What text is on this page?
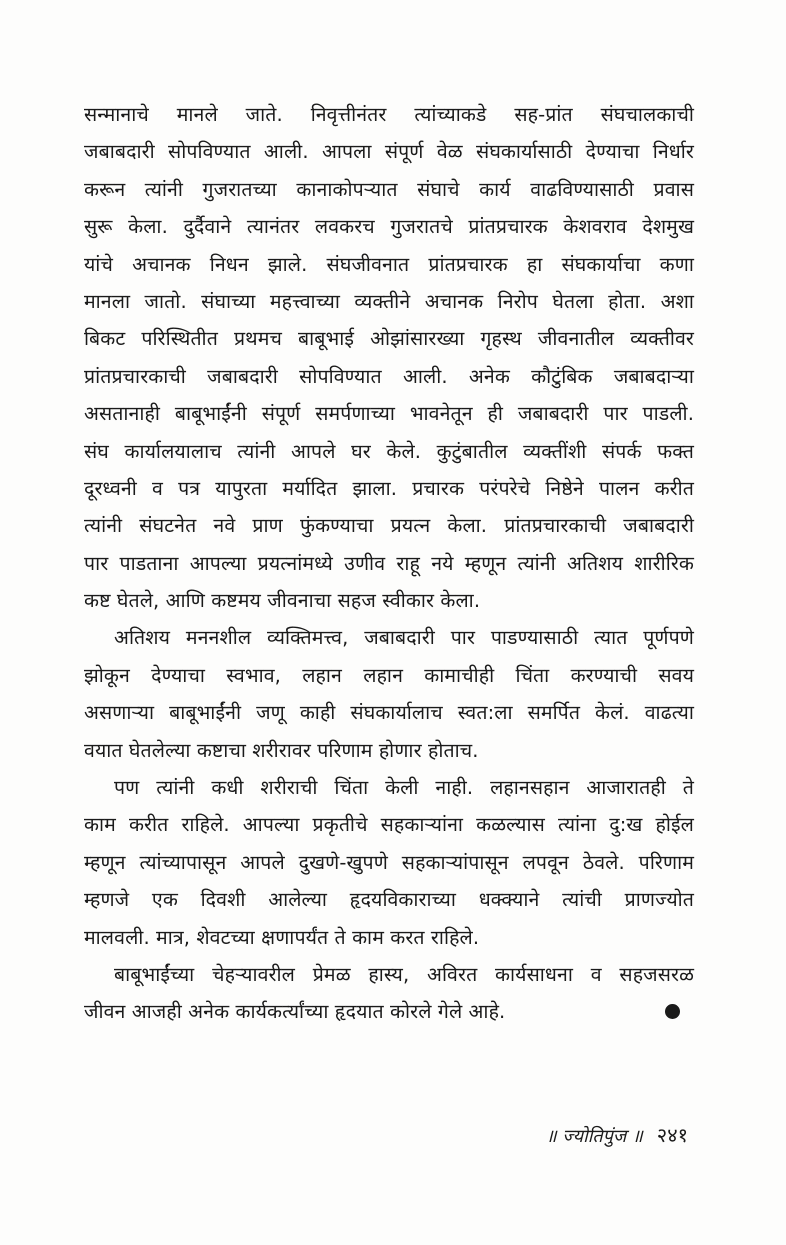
सन्मानाचे मानले जाते. निवृत्तीनंतर त्यांच्याकडे सह-प्रांत संघचालकाची
जबाबदारी सोपविण्यात आली. आपला संपूर्ण वेळ संघकार्यासाठी देण्याचा निर्धार
करून त्यांनी गुजरातच्या कानाकोपऱ्यात संघाचे कार्य वाढविण्यासाठी प्रवास
सुरू केला. दुर्दैवाने त्यानंतर लवकरच गुजरातचे प्रांतप्रचारक केशवराव देशमुख
यांचे अचानक निधन झाले. संघजीवनात प्रांतप्रचारक हा संघकार्याचा कणा
मानला जातो. संघाच्या महत्त्वाच्या व्यक्तीने अचानक निरोप घेतला होता. अशा
बिकट परिस्थितीत प्रथमच बाबूभाई ओझांसारख्या गृहस्थ जीवनातील व्यक्तीवर
प्रांतप्रचारकाची जबाबदारी सोपविण्यात आली. अनेक कौटुंबिक जबाबदाऱ्या
असतानाही बाबूभाईंनी संपूर्ण समर्पणाच्या भावनेतून ही जबाबदारी पार पाडली.
संघ कार्यालयालाच त्यांनी आपले घर केले. कुटुंबातील व्यक्तींशी संपर्क फक्त
दूरध्वनी व पत्र यापुरता मर्यादित झाला. प्रचारक परंपरेचे निष्ठेने पालन करीत
त्यांनी संघटनेत नवे प्राण फुंकण्याचा प्रयत्न केला. प्रांतप्रचारकाची जबाबदारी
पार पाडताना आपल्या प्रयत्नांमध्ये उणीव राहू नये म्हणून त्यांनी अतिशय शारीरिक
कष्ट घेतले, आणि कष्टमय जीवनाचा सहज स्वीकार केला.
अतिशय मननशील व्यक्तिमत्त्व, जबाबदारी पार पाडण्यासाठी त्यात पूर्णपणे
झोकून देण्याचा स्वभाव, लहान लहान कामाचीही चिंता करण्याची सवय
असणाऱ्या बाबूभाईंनी जणू काही संघकार्यालाच स्वत:ला समर्पित केलं. वाढत्या
वयात घेतलेल्या कष्टाचा शरीरावर परिणाम होणार होताच.
पण त्यांनी कधी शरीराची चिंता केली नाही. लहानसहान आजारातही ते
काम करीत राहिले. आपल्या प्रकृतीचे सहकाऱ्यांना कळल्यास त्यांना दु:ख होईल
म्हणून त्यांच्यापासून आपले दुखणे-खुपणे सहकाऱ्यांपासून लपवून ठेवले. परिणाम
म्हणजे एक दिवशी आलेल्या हृदयविकाराच्या धक्क्याने त्यांची प्राणज्योत
मालवली. मात्र, शेवटच्या क्षणापर्यंत ते काम करत राहिले.
बाबूभाईंच्या चेहऱ्यावरील प्रेमळ हास्य, अविरत कार्यसाधना व सहजसरळ
जीवन आजही अनेक कार्यकर्त्यांच्या हृदयात कोरले गेले आहे.
॥ ज्योतिपुंज ॥ २४१
